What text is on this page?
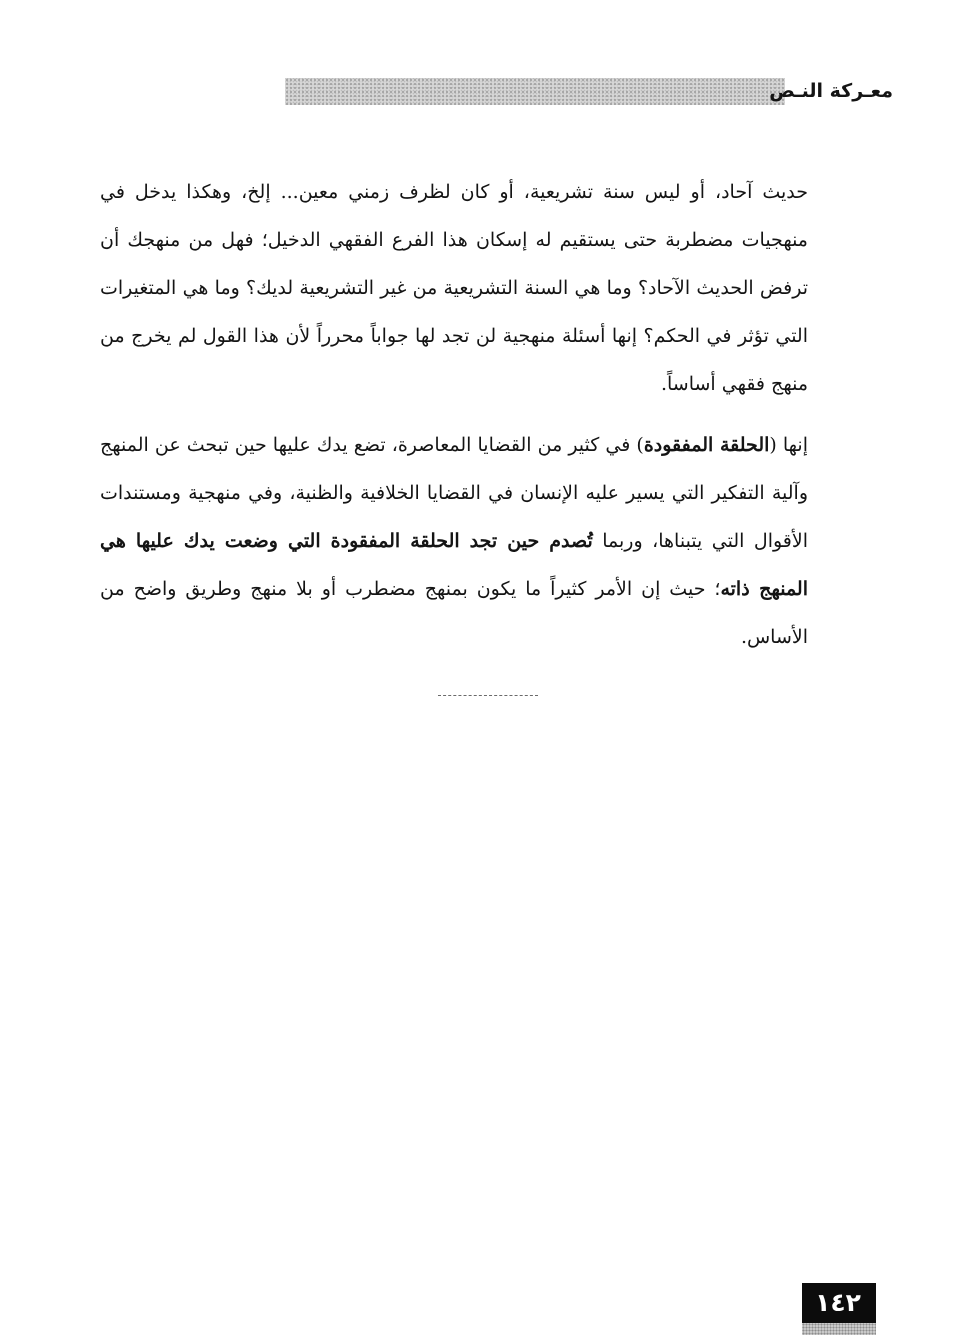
معـركة النـص

حديث آحاد، أو ليس سنة تشريعية، أو كان لظرف زمني معين... إلخ، وهكذا يدخل في منهجيات مضطربة حتى يستقيم له إسكان هذا الفرع الفقهي الدخيل؛ فهل من منهجك أن ترفض الحديث الآحاد؟ وما هي السنة التشريعية من غير التشريعية لديك؟ وما هي المتغيرات التي تؤثر في الحكم؟ إنها أسئلة منهجية لن تجد لها جواباً محرراً لأن هذا القول لم يخرج من منهج فقهي أساساً.

إنها (الحلقة المفقودة) في كثير من القضايا المعاصرة، تضع يدك عليها حين تبحث عن المنهج وآلية التفكير التي يسير عليه الإنسان في القضايا الخلافية والظنية، وفي منهجية ومستندات الأقوال التي يتبناها، وربما تُصدم حين تجد الحلقة المفقودة التي وضعت يدك عليها هي المنهج ذاته؛ حيث إن الأمر كثيراً ما يكون بمنهج مضطرب أو بلا منهج وطريق واضح من الأساس.

١٤٢
